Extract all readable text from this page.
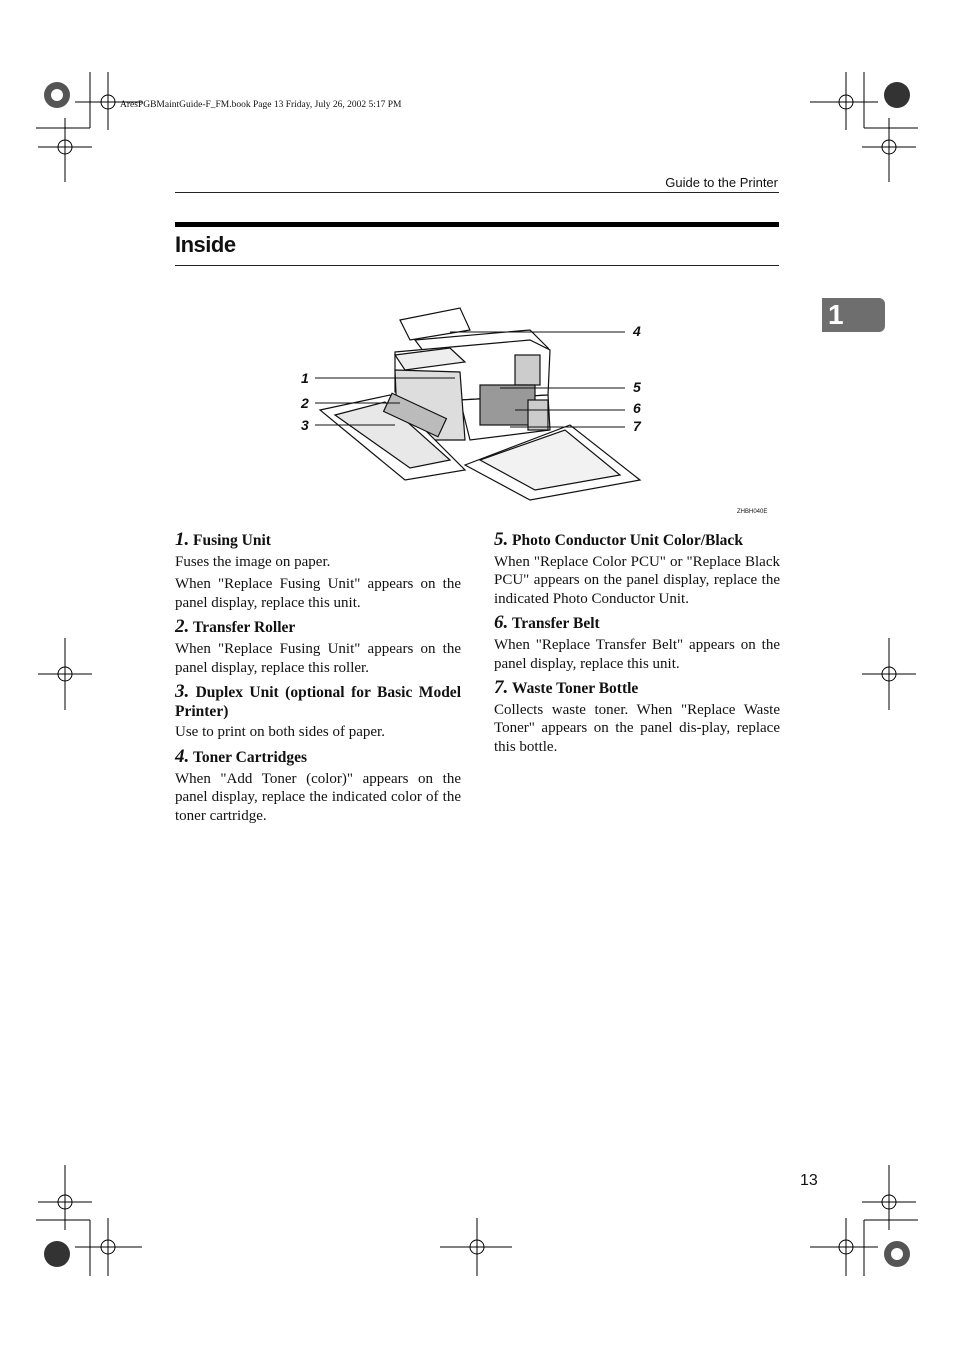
AresPGBMaintGuide-F_FM.book Page 13 Friday, July 26, 2002 5:17 PM
Guide to the Printer
Inside
1
1
2
3
4
5
6
7
ZHBH040E
1. Fusing Unit

Fuses the image on paper.

When "Replace Fusing Unit" appears on the panel display, replace this unit.

2. Transfer Roller

When "Replace Fusing Unit" appears on the panel display, replace this roller.

3. Duplex Unit (optional for Basic Model Printer)

Use to print on both sides of paper.

4. Toner Cartridges

When "Add Toner (color)" appears on the panel display, replace the indicated color of the toner cartridge.

5. Photo Conductor Unit Color/Black

When "Replace Color PCU" or "Replace Black PCU" appears on the panel display, replace the indicated Photo Conductor Unit.

6. Transfer Belt

When "Replace Transfer Belt" appears on the panel display, replace this unit.

7. Waste Toner Bottle

Collects waste toner. When "Replace Waste Toner" appears on the panel dis-play, replace this bottle.

13
